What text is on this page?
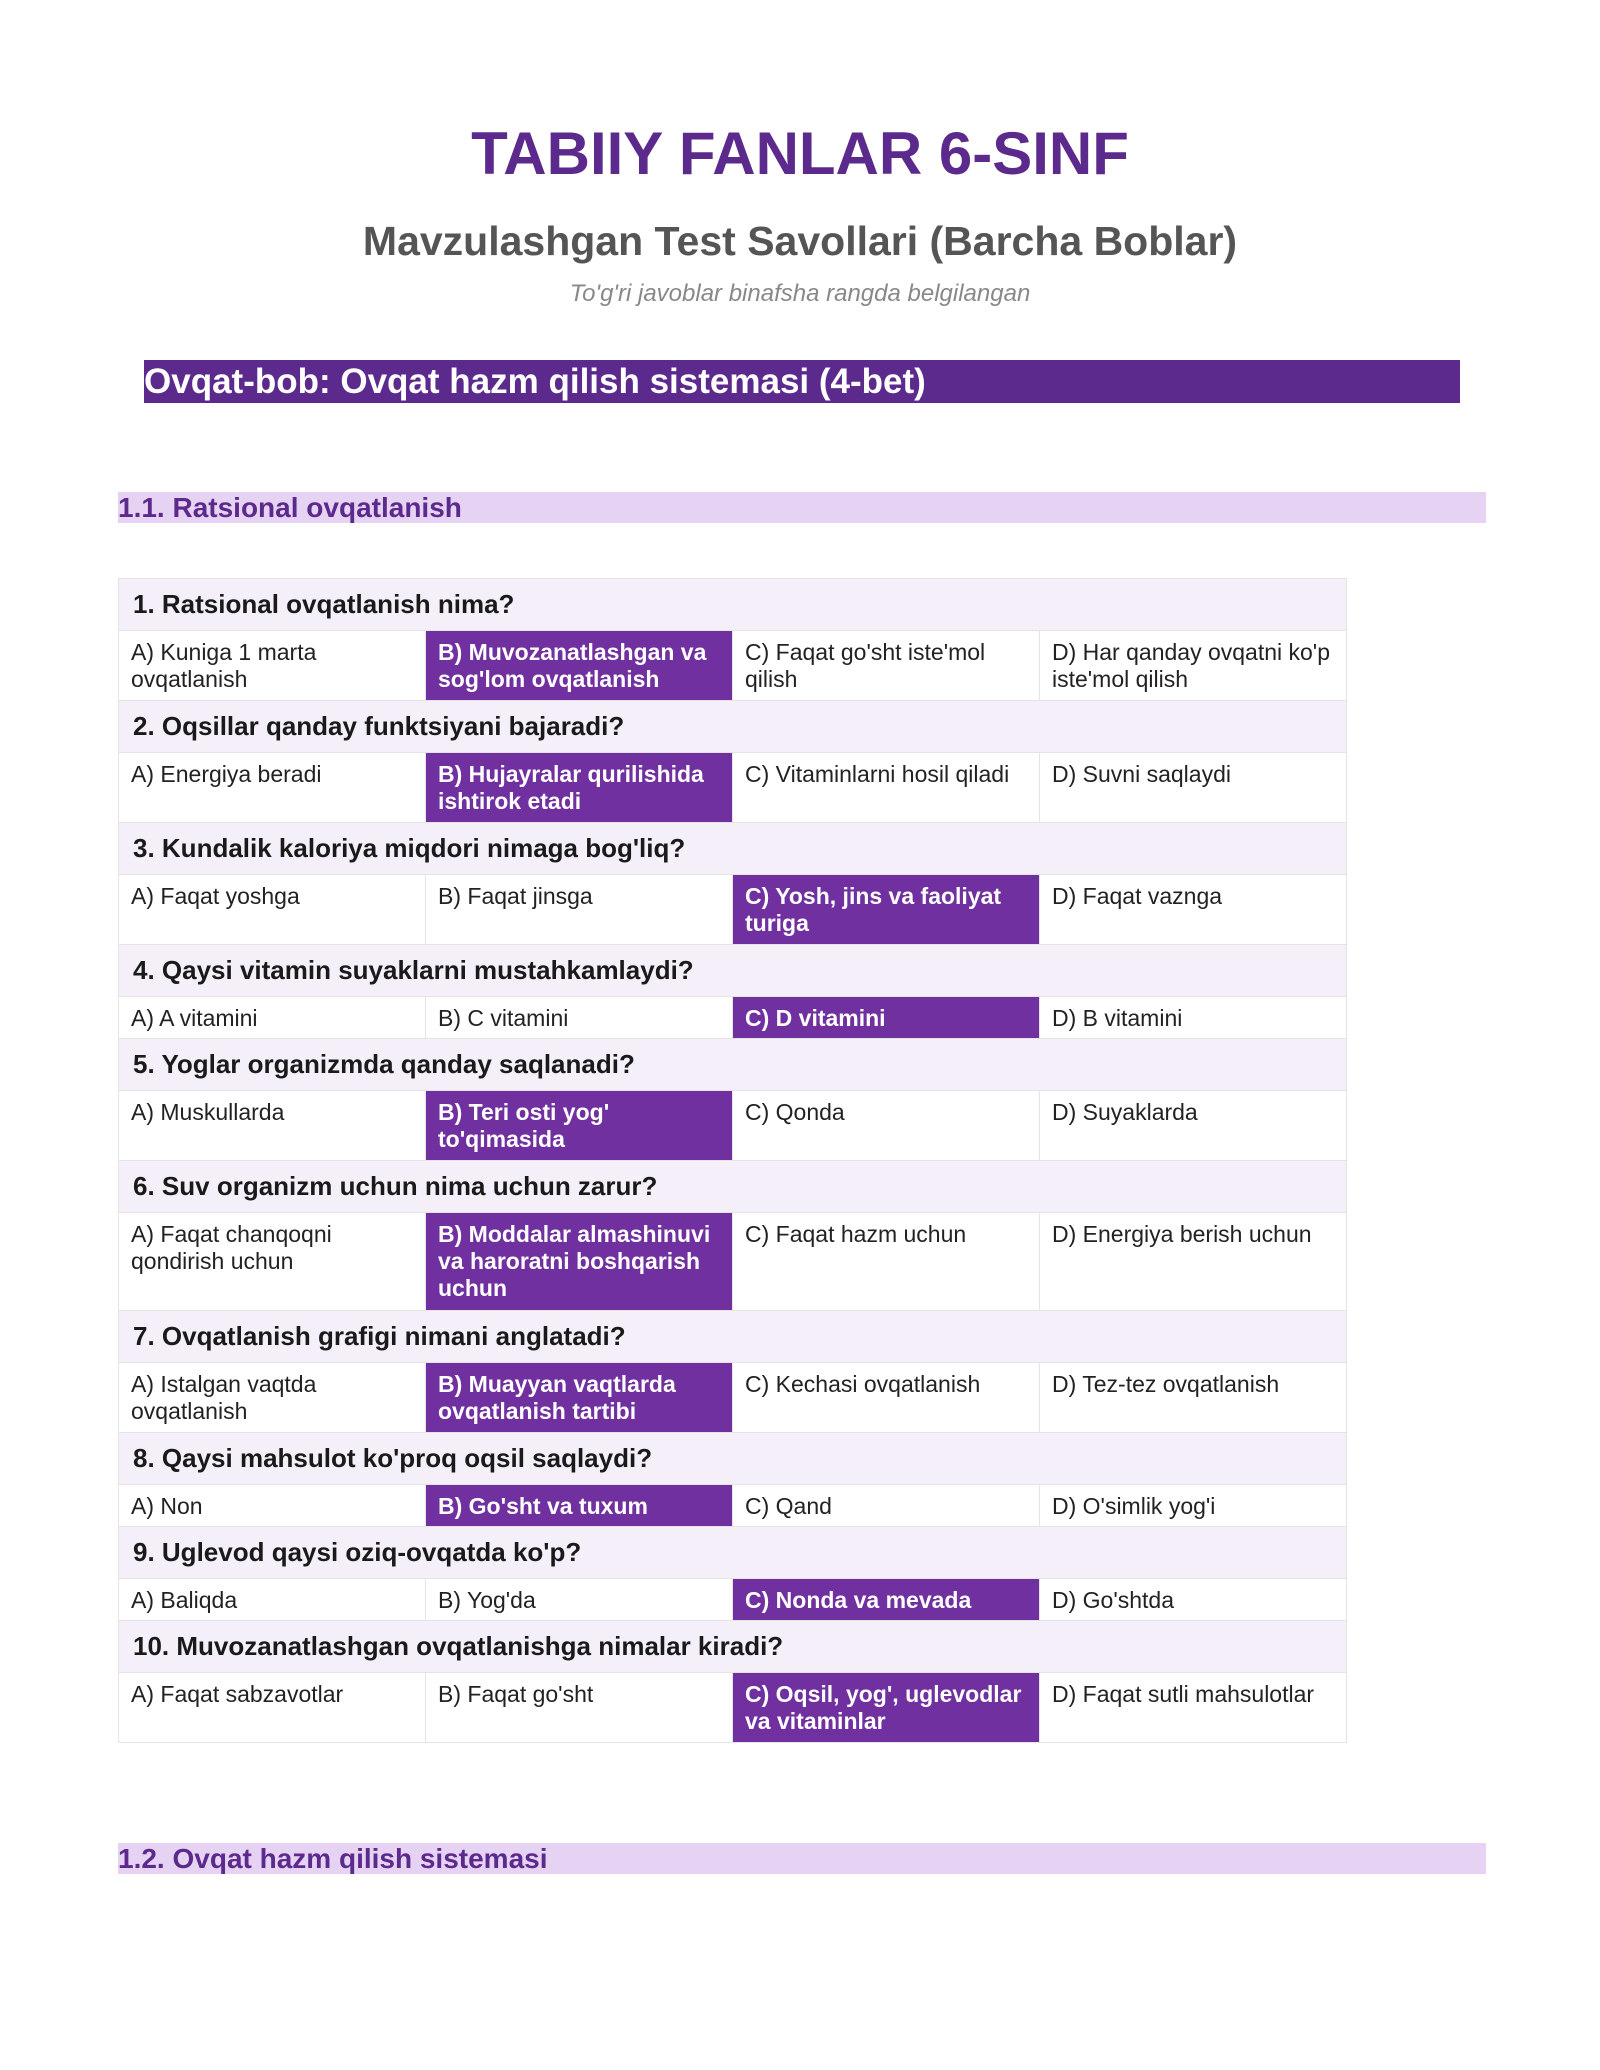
TABIIY FANLAR 6-SINF
Mavzulashgan Test Savollari (Barcha Boblar)
To'g'ri javoblar binafsha rangda belgilangan
Ovqat-bob: Ovqat hazm qilish sistemasi (4-bet)
1.1. Ratsional ovqatlanish
1. Ratsional ovqatlanish nima?			
A) Kuniga 1 marta ovqatlanish	B) Muvozanatlashgan va sog'lom ovqatlanish	C) Faqat go'sht iste'mol qilish	D) Har qanday ovqatni ko'p iste'mol qilish
2. Oqsillar qanday funktsiyani bajaradi?			
A) Energiya beradi	B) Hujayralar qurilishida ishtirok etadi	C) Vitaminlarni hosil qiladi	D) Suvni saqlaydi
3. Kundalik kaloriya miqdori nimaga bog'liq?			
A) Faqat yoshga	B) Faqat jinsga	C) Yosh, jins va faoliyat turiga	D) Faqat vaznga
4. Qaysi vitamin suyaklarni mustahkamlaydi?			
A) A vitamini	B) C vitamini	C) D vitamini	D) B vitamini
5. Yoglar organizmda qanday saqlanadi?			
A) Muskullarda	B) Teri osti yog' to'qimasida	C) Qonda	D) Suyaklarda
6. Suv organizm uchun nima uchun zarur?			
A) Faqat chanqoqni qondirish uchun	B) Moddalar almashinuvi va haroratni boshqarish uchun	C) Faqat hazm uchun	D) Energiya berish uchun
7. Ovqatlanish grafigi nimani anglatadi?			
A) Istalgan vaqtda ovqatlanish	B) Muayyan vaqtlarda ovqatlanish tartibi	C) Kechasi ovqatlanish	D) Tez-tez ovqatlanish
8. Qaysi mahsulot ko'proq oqsil saqlaydi?			
A) Non	B) Go'sht va tuxum	C) Qand	D) O'simlik yog'i
9. Uglevod qaysi oziq-ovqatda ko'p?			
A) Baliqda	B) Yog'da	C) Nonda va mevada	D) Go'shtda
10. Muvozanatlashgan ovqatlanishga nimalar kiradi?			
A) Faqat sabzavotlar	B) Faqat go'sht	C) Oqsil, yog', uglevodlar va vitaminlar	D) Faqat sutli mahsulotlar
1.2. Ovqat hazm qilish sistemasi
